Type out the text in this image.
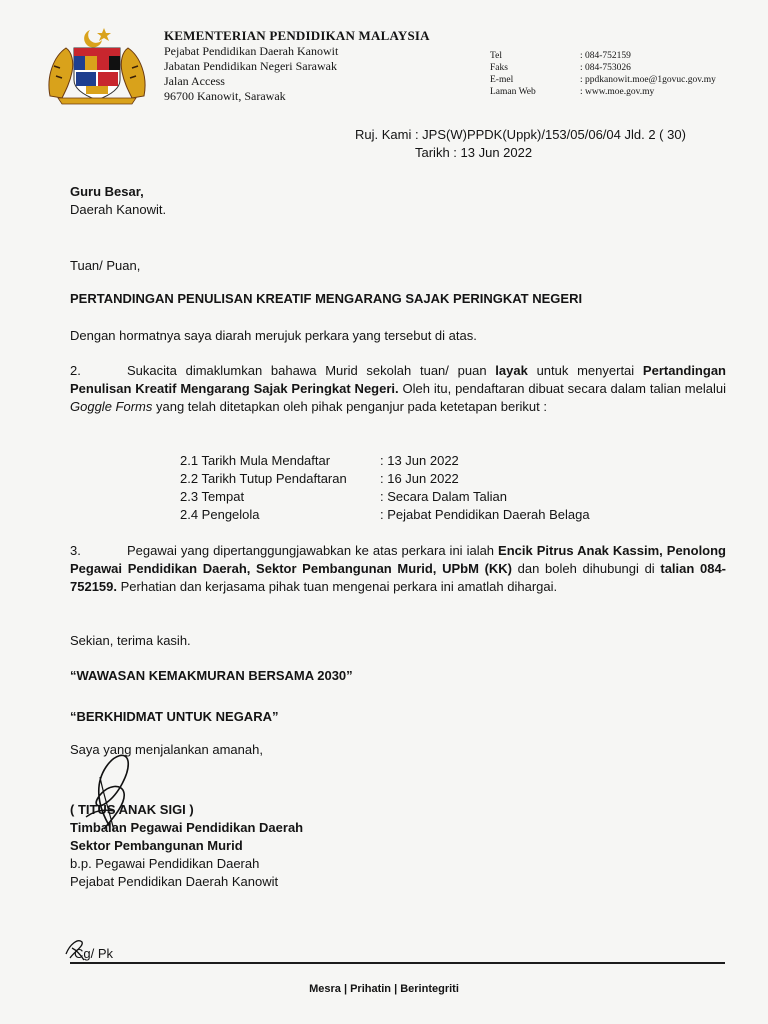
KEMENTERIAN PENDIDIKAN MALAYSIA
Pejabat Pendidikan Daerah Kanowit
Jabatan Pendidikan Negeri Sarawak
Jalan Access
96700 Kanowit, Sarawak
Tel	: 084-752159
Faks	: 084-753026
E-mel	: ppdkanowit.moe@1govuc.gov.my
Laman Web	: www.moe.gov.my
Ruj. Kami : JPS(W)PPDK(Uppk)/153/05/06/04 Jld. 2 ( 30)
Tarikh : 13 Jun 2022
Guru Besar,
Daerah Kanowit.
Tuan/ Puan,
PERTANDINGAN PENULISAN KREATIF MENGARANG SAJAK PERINGKAT NEGERI
Dengan hormatnya saya diarah merujuk perkara yang tersebut di atas.
2.	Sukacita dimaklumkan bahawa Murid sekolah tuan/ puan layak untuk menyertai Pertandingan Penulisan Kreatif Mengarang Sajak Peringkat Negeri. Oleh itu, pendaftaran dibuat secara dalam talian melalui Goggle Forms yang telah ditetapkan oleh pihak penganjur pada ketetapan berikut :
2.1 Tarikh Mula Mendaftar	: 13 Jun 2022
2.2 Tarikh Tutup Pendaftaran	: 16 Jun 2022
2.3 Tempat	: Secara Dalam Talian
2.4 Pengelola	: Pejabat Pendidikan Daerah Belaga
3.	Pegawai yang dipertanggungjawabkan ke atas perkara ini ialah Encik Pitrus Anak Kassim, Penolong Pegawai Pendidikan Daerah, Sektor Pembangunan Murid, UPbM (KK) dan boleh dihubungi di talian 084-752159. Perhatian dan kerjasama pihak tuan mengenai perkara ini amatlah dihargai.
Sekian, terima kasih.
“WAWASAN KEMAKMURAN BERSAMA 2030”
“BERKHIDMAT UNTUK NEGARA”
Saya yang menjalankan amanah,
( TITUS ANAK SIGI )
Timbalan Pegawai Pendidikan Daerah
Sektor Pembangunan Murid
b.p. Pegawai Pendidikan Daerah
Pejabat Pendidikan Daerah Kanowit
Cg/ Pk
Mesra | Prihatin | Berintegriti
